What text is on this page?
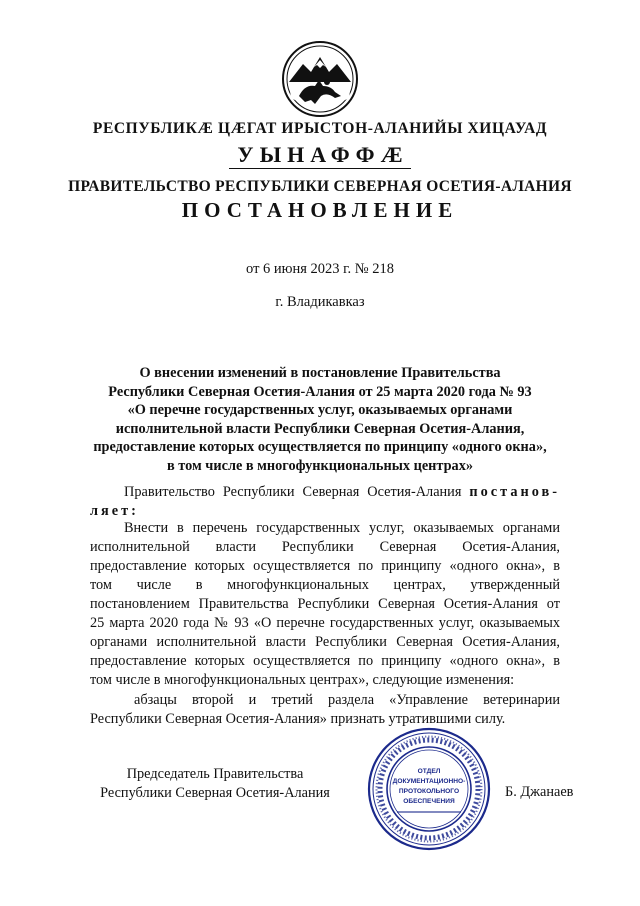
РЕСПУБЛИКӔ ЦӔГАТ ИРЫСТОН-АЛАНИЙЫ ХИЦАУАД
УЫНАФФӔ
ПРАВИТЕЛЬСТВО РЕСПУБЛИКИ СЕВЕРНАЯ ОСЕТИЯ-АЛАНИЯ
ПОСТАНОВЛЕНИЕ
от 6 июня 2023 г. № 218
г. Владикавказ
О внесении изменений в постановление Правительства
Республики Северная Осетия-Алания от 25 марта 2020 года № 93
«О перечне государственных услуг, оказываемых органами
исполнительной власти Республики Северная Осетия-Алания,
предоставление которых осуществляется по принципу «одного окна»,
в том числе в многофункциональных центрах»
Правительство Республики Северная Осетия-Алания постанов-
ляет:
Внести в перечень государственных услуг, оказываемых органами
исполнительной власти Республики Северная Осетия-Алания,
предоставление которых осуществляется по принципу «одного окна», в
том числе в многофункциональных центрах, утвержденный
постановлением Правительства Республики Северная Осетия-Алания от
25 марта 2020 года № 93 «О перечне государственных услуг, оказываемых
органами исполнительной власти Республики Северная Осетия-Алания,
предоставление которых осуществляется по принципу «одного окна», в
том числе в многофункциональных центрах», следующие изменения:
абзацы второй и третий раздела «Управление ветеринарии
Республики Северная Осетия-Алания» признать утратившими силу.
Председатель Правительства
Республики Северная Осетия-Алания
ОТДЕЛ
ДОКУМЕНТАЦИОННО-
ПРОТОКОЛЬНОГО
ОБЕСПЕЧЕНИЯ
Б. Джанаев
